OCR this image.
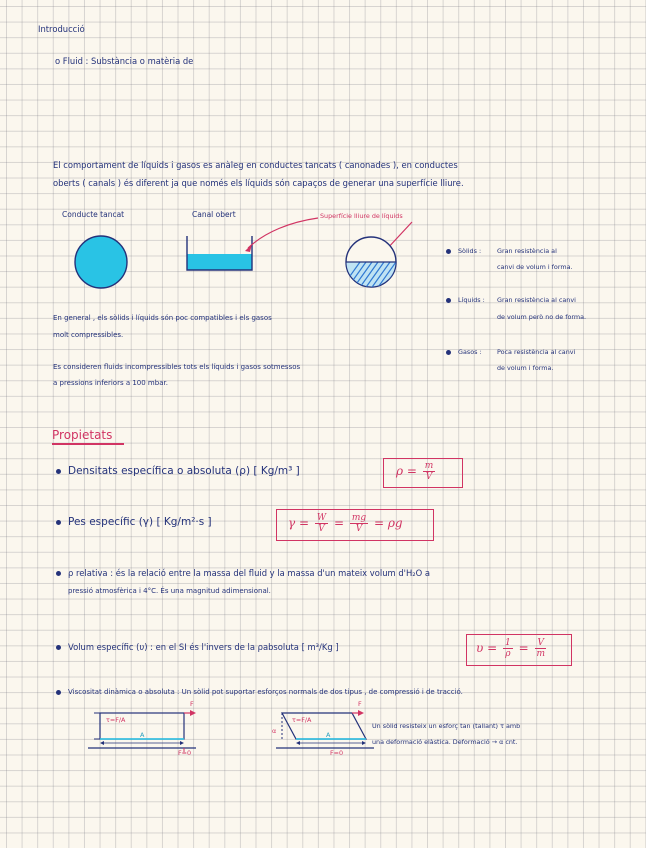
Introducció
o Fluid : Substància o matèria de
El comportament de líquids i gasos es anàleg en conductes tancats ( canonades ), en conductes
oberts ( canals ) és diferent ja que només els líquids són capaços de generar una superfície lliure.
Conducte tancat	Canal obert	Superfície lliure de líquids
Sòlids : Gran resistència al
canvi de volum i forma.
Líquids : Gran resistència al canvi
de volum però no de forma.
Gasos : Poca resistència al canvi
de volum i forma.
En general , els sòlids i líquids són poc compatibles i els gasos
molt compressibles.
Es consideren fluids incompressibles tots els líquids i gasos sotmessos
a pressions inferiors a 100 mbar.
Propietats
Densitats específica o absoluta (ρ) [ Kg/m³ ]	$\rho = \frac{m}{V}$
Pes específic (γ) [ Kg/m²·s ]	$\gamma = \frac{W}{V} = \frac{mg}{V} = \rho g$
ρ relativa : és la relació entre la massa del fluid y la massa d'un mateix volum d'H₂O a
pressió atmosfèrica i 4°C. És una magnitud adimensional.
Volum específic (υ) : en el SI és l'invers de la ρabsoluta [ m³/Kg ]	$\upsilon = \frac{1}{\rho} = \frac{V}{m}$
Viscositat dinàmica o absoluta : Un sòlid pot suportar esforços normals de dos tipus , de compressió i de tracció.
τ=F/A
A
F
F=0
τ=F/A
α	A
F
F=0
Un sòlid resisteix un esforç tan (tallant) τ amb
una deformació elàstica. Deformació → α cnt.
